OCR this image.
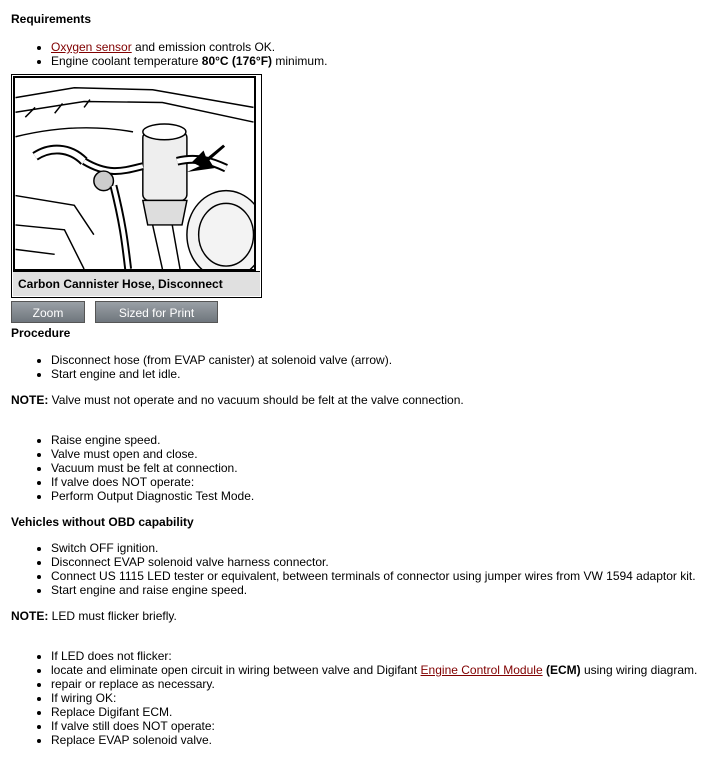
Requirements
• Oxygen sensor and emission controls OK.
• Engine coolant temperature 80°C (176°F) minimum.
Carbon Cannister Hose, Disconnect
Zoom	Sized for Print
Procedure
• Disconnect hose (from EVAP canister) at solenoid valve (arrow).
• Start engine and let idle.
NOTE: Valve must not operate and no vacuum should be felt at the valve connection.
• Raise engine speed.
• Valve must open and close.
• Vacuum must be felt at connection.
• If valve does NOT operate:
• Perform Output Diagnostic Test Mode.
Vehicles without OBD capability
• Switch OFF ignition.
• Disconnect EVAP solenoid valve harness connector.
• Connect US 1115 LED tester or equivalent, between terminals of connector using jumper wires from VW 1594 adaptor kit.
• Start engine and raise engine speed.
NOTE: LED must flicker briefly.
• If LED does not flicker:
• locate and eliminate open circuit in wiring between valve and Digifant Engine Control Module (ECM) using wiring diagram.
• repair or replace as necessary.
• If wiring OK:
• Replace Digifant ECM.
• If valve still does NOT operate:
• Replace EVAP solenoid valve.
